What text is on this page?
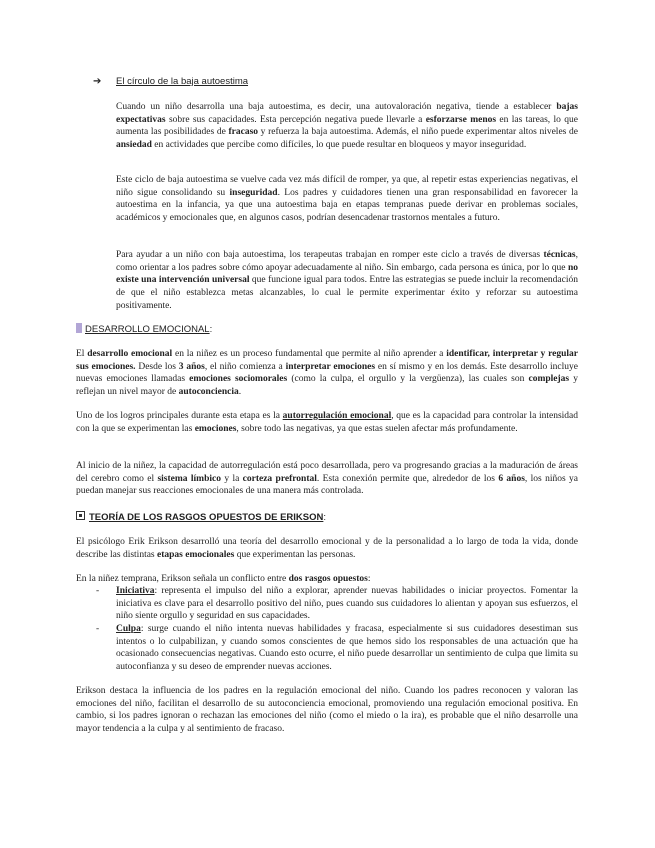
➔ El círculo de la baja autoestima

Cuando un niño desarrolla una baja autoestima, es decir, una autovaloración negativa, tiende a establecer bajas expectativas sobre sus capacidades. Esta percepción negativa puede llevarle a esforzarse menos en las tareas, lo que aumenta las posibilidades de fracaso y refuerza la baja autoestima. Además, el niño puede experimentar altos niveles de ansiedad en actividades que percibe como difíciles, lo que puede resultar en bloqueos y mayor inseguridad.

Este ciclo de baja autoestima se vuelve cada vez más difícil de romper, ya que, al repetir estas experiencias negativas, el niño sigue consolidando su inseguridad. Los padres y cuidadores tienen una gran responsabilidad en favorecer la autoestima en la infancia, ya que una autoestima baja en etapas tempranas puede derivar en problemas sociales, académicos y emocionales que, en algunos casos, podrían desencadenar trastornos mentales a futuro.

Para ayudar a un niño con baja autoestima, los terapeutas trabajan en romper este ciclo a través de diversas técnicas, como orientar a los padres sobre cómo apoyar adecuadamente al niño. Sin embargo, cada persona es única, por lo que no existe una intervención universal que funcione igual para todos. Entre las estrategias se puede incluir la recomendación de que el niño establezca metas alcanzables, lo cual le permite experimentar éxito y reforzar su autoestima positivamente.

DESARROLLO EMOCIONAL:

El desarrollo emocional en la niñez es un proceso fundamental que permite al niño aprender a identificar, interpretar y regular sus emociones. Desde los 3 años, el niño comienza a interpretar emociones en sí mismo y en los demás. Este desarrollo incluye nuevas emociones llamadas emociones sociomorales (como la culpa, el orgullo y la vergüenza), las cuales son complejas y reflejan un nivel mayor de autoconciencia.

Uno de los logros principales durante esta etapa es la autorregulación emocional, que es la capacidad para controlar la intensidad con la que se experimentan las emociones, sobre todo las negativas, ya que estas suelen afectar más profundamente.

Al inicio de la niñez, la capacidad de autorregulación está poco desarrollada, pero va progresando gracias a la maduración de áreas del cerebro como el sistema límbico y la corteza prefrontal. Esta conexión permite que, alrededor de los 6 años, los niños ya puedan manejar sus reacciones emocionales de una manera más controlada.

TEORÍA DE LOS RASGOS OPUESTOS DE ERIKSON:

El psicólogo Erik Erikson desarrolló una teoría del desarrollo emocional y de la personalidad a lo largo de toda la vida, donde describe las distintas etapas emocionales que experimentan las personas.

En la niñez temprana, Erikson señala un conflicto entre dos rasgos opuestos:

- Iniciativa: representa el impulso del niño a explorar, aprender nuevas habilidades o iniciar proyectos. Fomentar la iniciativa es clave para el desarrollo positivo del niño, pues cuando sus cuidadores lo alientan y apoyan sus esfuerzos, el niño siente orgullo y seguridad en sus capacidades.

- Culpa: surge cuando el niño intenta nuevas habilidades y fracasa, especialmente si sus cuidadores desestiman sus intentos o lo culpabilizan, y cuando somos conscientes de que hemos sido los responsables de una actuación que ha ocasionado consecuencias negativas. Cuando esto ocurre, el niño puede desarrollar un sentimiento de culpa que limita su autoconfianza y su deseo de emprender nuevas acciones.

Erikson destaca la influencia de los padres en la regulación emocional del niño. Cuando los padres reconocen y valoran las emociones del niño, facilitan el desarrollo de su autoconciencia emocional, promoviendo una regulación emocional positiva. En cambio, si los padres ignoran o rechazan las emociones del niño (como el miedo o la ira), es probable que el niño desarrolle una mayor tendencia a la culpa y al sentimiento de fracaso.
